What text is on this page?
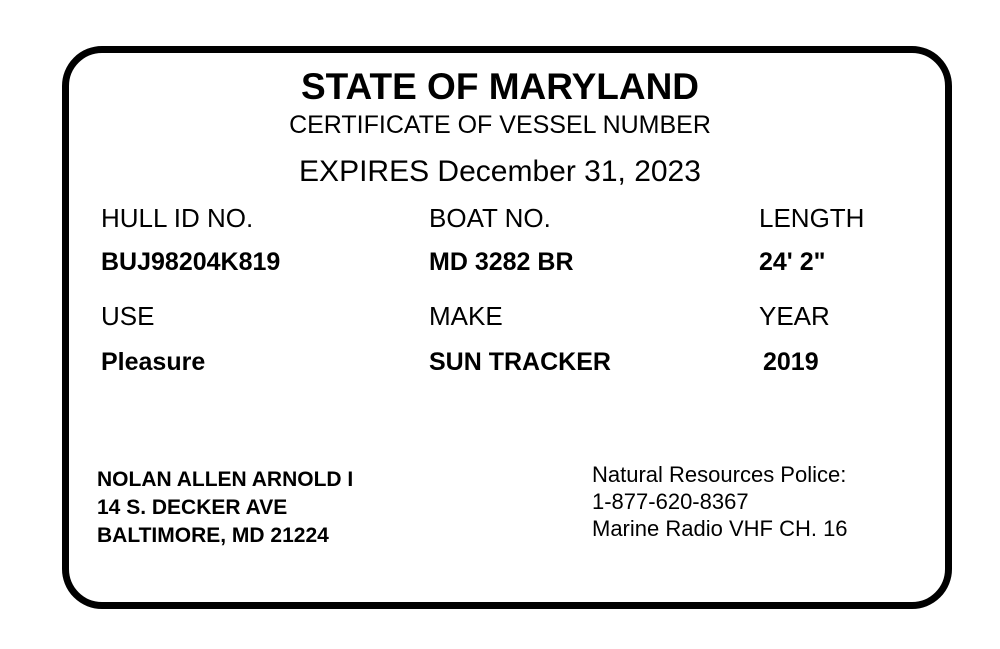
STATE OF MARYLAND
CERTIFICATE OF VESSEL NUMBER
EXPIRES December 31, 2023
HULL ID NO.	BOAT NO.	LENGTH
BUJ98204K819	MD 3282 BR	24' 2"
USE	MAKE	YEAR
Pleasure	SUN TRACKER	2019
NOLAN ALLEN ARNOLD I
14 S. DECKER AVE
BALTIMORE, MD 21224
Natural Resources Police:
1-877-620-8367
Marine Radio VHF CH. 16
